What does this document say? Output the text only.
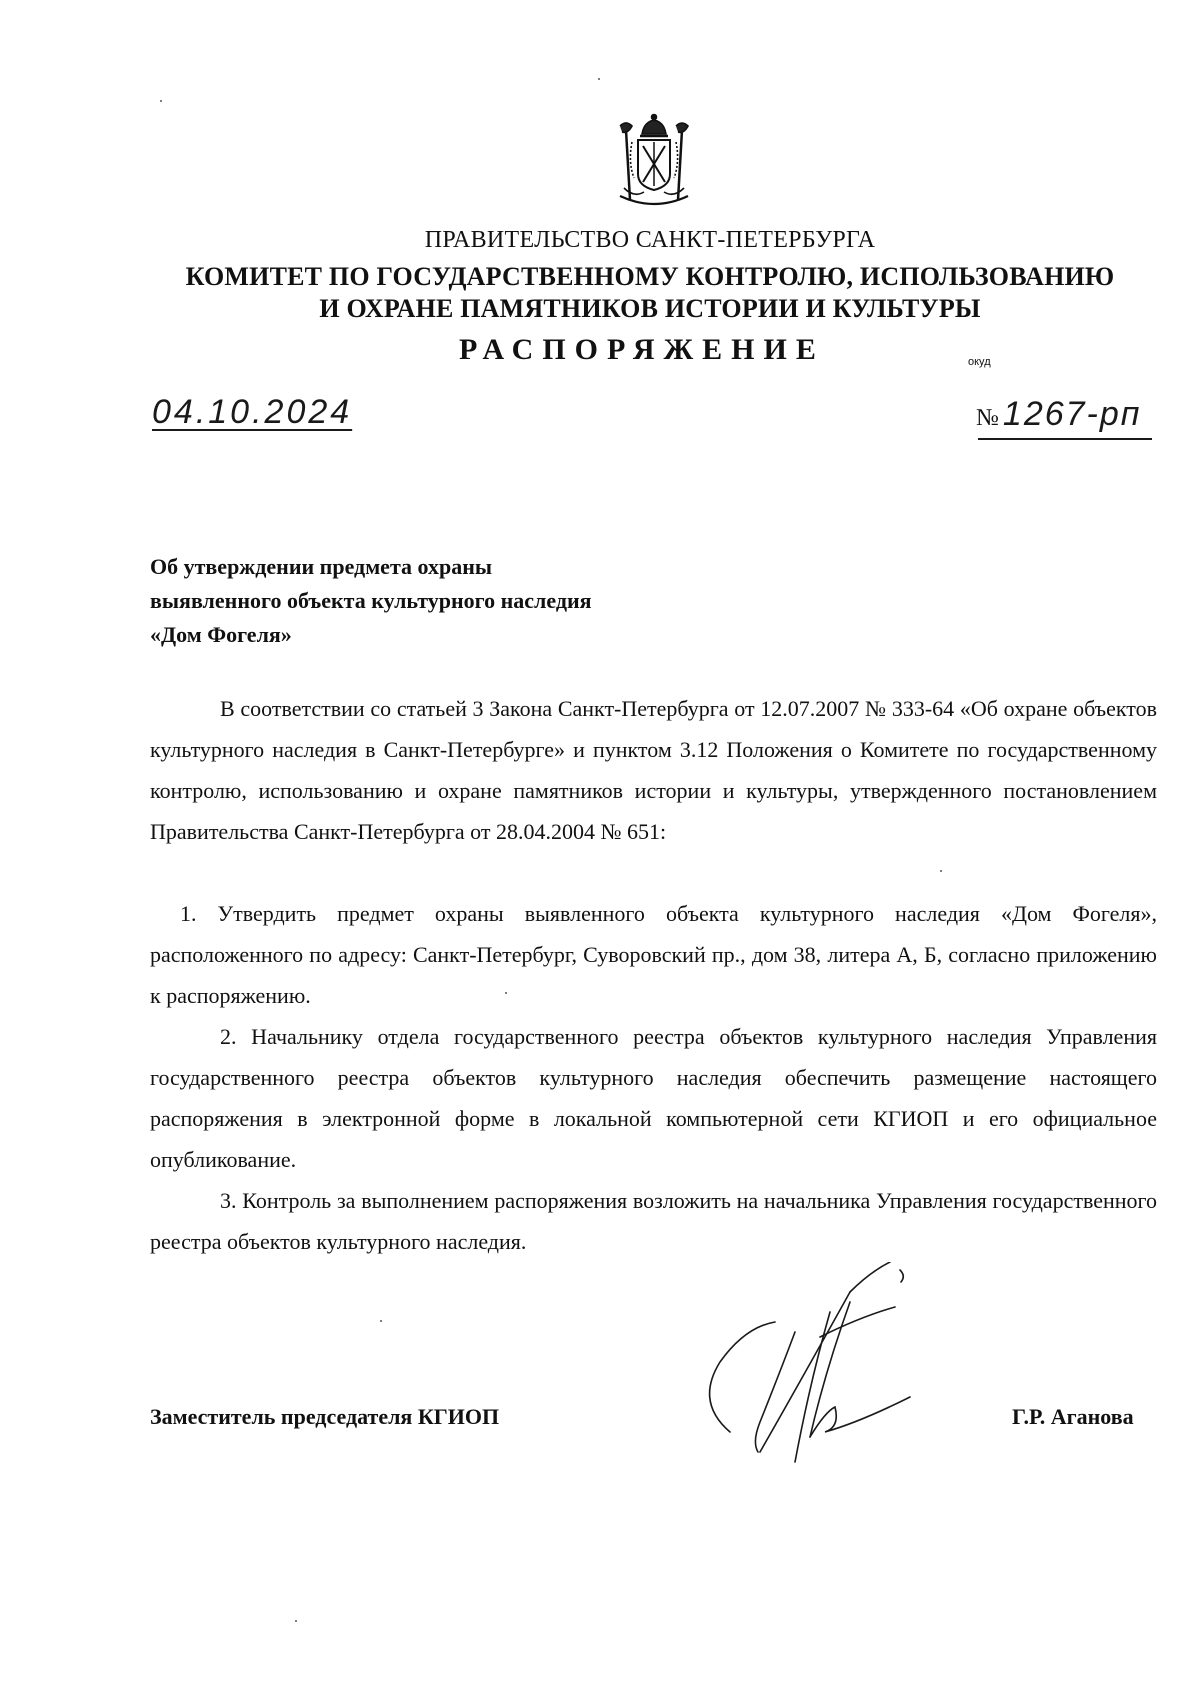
ПРАВИТЕЛЬСТВО САНКТ-ПЕТЕРБУРГА
КОМИТЕТ ПО ГОСУДАРСТВЕННОМУ КОНТРОЛЮ, ИСПОЛЬЗОВАНИЮ
И ОХРАНЕ ПАМЯТНИКОВ ИСТОРИИ И КУЛЬТУРЫ
РАСПОРЯЖЕНИЕ	окуд
04.10.2024	№ 1267-рп
Об утверждении предмета охраны
выявленного объекта культурного наследия
«Дом Фогеля»

В соответствии со статьей 3 Закона Санкт-Петербурга от 12.07.2007 № 333-64 «Об охране объектов культурного наследия в Санкт-Петербурге» и пунктом 3.12 Положения о Комитете по государственному контролю, использованию и охране памятников истории и культуры, утвержденного постановлением Правительства Санкт-Петербурга от 28.04.2004 № 651:

1. Утвердить предмет охраны выявленного объекта культурного наследия «Дом Фогеля», расположенного по адресу: Санкт-Петербург, Суворовский пр., дом 38, литера А, Б, согласно приложению к распоряжению.

2. Начальнику отдела государственного реестра объектов культурного наследия Управления государственного реестра объектов культурного наследия обеспечить размещение настоящего распоряжения в электронной форме в локальной компьютерной сети КГИОП и его официальное опубликование.

3. Контроль за выполнением распоряжения возложить на начальника Управления государственного реестра объектов культурного наследия.

Заместитель председателя КГИОП	Г.Р. Аганова
